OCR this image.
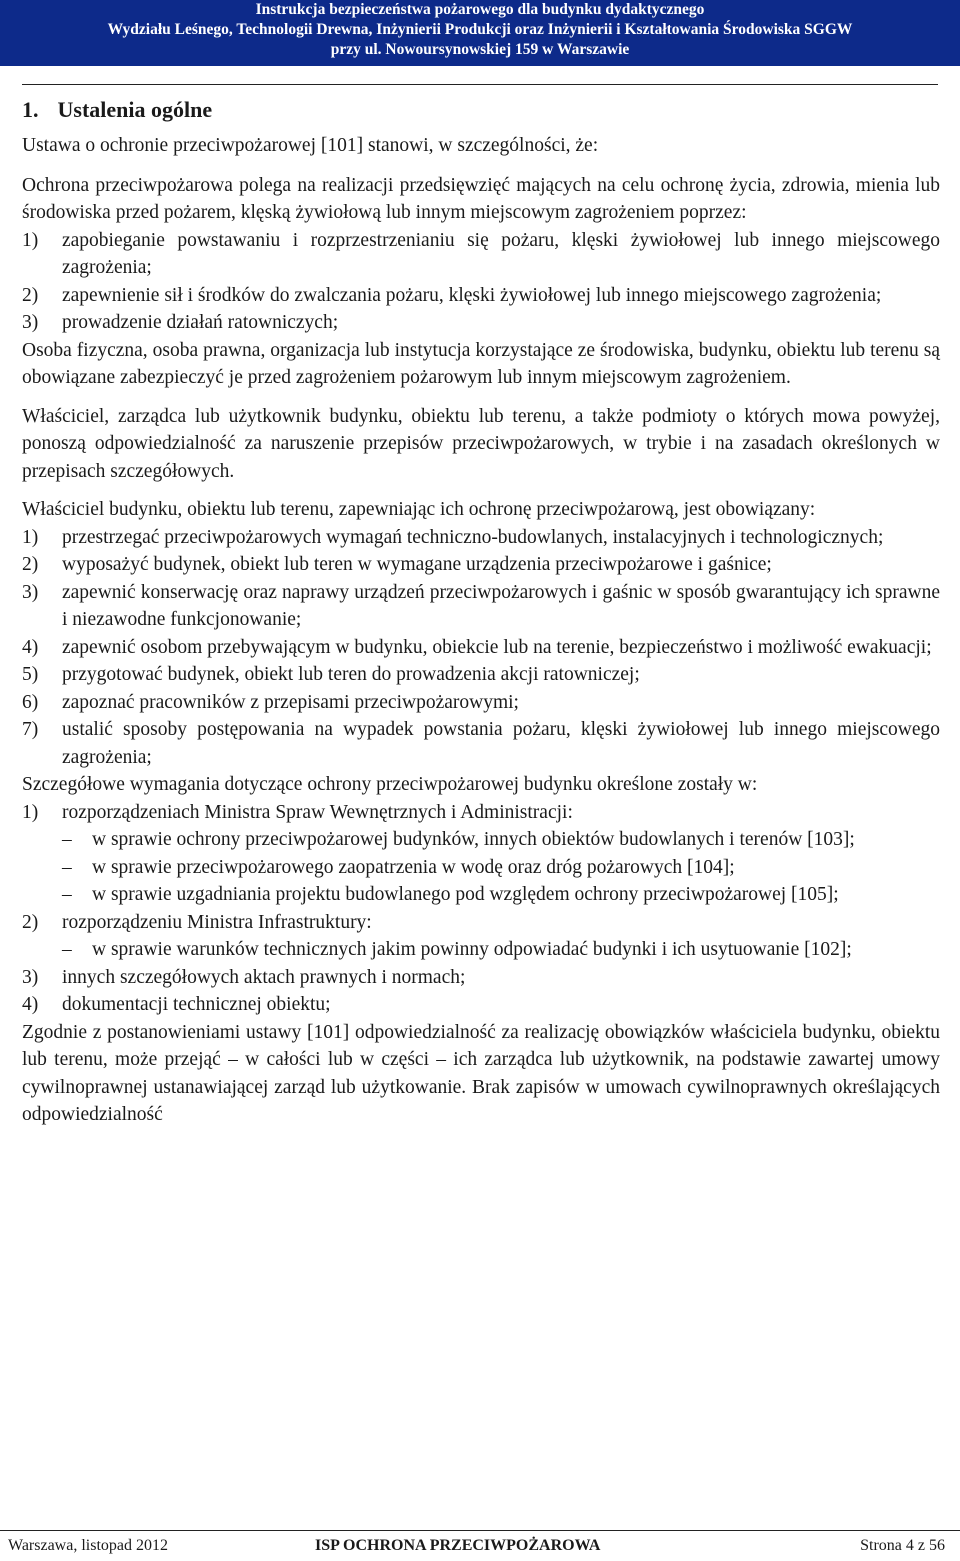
Instrukcja bezpieczeństwa pożarowego dla budynku dydaktycznego
Wydziału Leśnego, Technologii Drewna, Inżynierii Produkcji oraz Inżynierii i Kształtowania Środowiska SGGW
przy ul. Nowoursynowskiej 159 w Warszawie
1. Ustalenia ogólne

Ustawa o ochronie przeciwpożarowej [101] stanowi, w szczególności, że:

Ochrona przeciwpożarowa polega na realizacji przedsięwzięć mających na celu ochronę życia, zdrowia, mienia lub środowiska przed pożarem, klęską żywiołową lub innym miejscowym zagrożeniem poprzez:

1) zapobieganie powstawaniu i rozprzestrzenianiu się pożaru, klęski żywiołowej lub innego miejscowego zagrożenia;
2) zapewnienie sił i środków do zwalczania pożaru, klęski żywiołowej lub innego miejscowego zagrożenia;
3) prowadzenie działań ratowniczych;

Osoba fizyczna, osoba prawna, organizacja lub instytucja korzystające ze środowiska, budynku, obiektu lub terenu są obowiązane zabezpieczyć je przed zagrożeniem pożarowym lub innym miejscowym zagrożeniem.

Właściciel, zarządca lub użytkownik budynku, obiektu lub terenu, a także podmioty o których mowa powyżej, ponoszą odpowiedzialność za naruszenie przepisów przeciwpożarowych, w trybie i na zasadach określonych w przepisach szczegółowych.

Właściciel budynku, obiektu lub terenu, zapewniając ich ochronę przeciwpożarową, jest obowiązany:

1) przestrzegać przeciwpożarowych wymagań techniczno-budowlanych, instalacyjnych i technologicznych;
2) wyposażyć budynek, obiekt lub teren w wymagane urządzenia przeciwpożarowe i gaśnice;
3) zapewnić konserwację oraz naprawy urządzeń przeciwpożarowych i gaśnic w sposób gwarantujący ich sprawne i niezawodne funkcjonowanie;
4) zapewnić osobom przebywającym w budynku, obiekcie lub na terenie, bezpieczeństwo i możliwość ewakuacji;
5) przygotować budynek, obiekt lub teren do prowadzenia akcji ratowniczej;
6) zapoznać pracowników z przepisami przeciwpożarowymi;
7) ustalić sposoby postępowania na wypadek powstania pożaru, klęski żywiołowej lub innego miejscowego zagrożenia;

Szczegółowe wymagania dotyczące ochrony przeciwpożarowej budynku określone zostały w:

1) rozporządzeniach Ministra Spraw Wewnętrznych i Administracji:
– w sprawie ochrony przeciwpożarowej budynków, innych obiektów budowlanych i terenów [103];
– w sprawie przeciwpożarowego zaopatrzenia w wodę oraz dróg pożarowych [104];
– w sprawie uzgadniania projektu budowlanego pod względem ochrony przeciwpożarowej [105];
2) rozporządzeniu Ministra Infrastruktury:
– w sprawie warunków technicznych jakim powinny odpowiadać budynki i ich usytuowanie [102];
3) innych szczegółowych aktach prawnych i normach;
4) dokumentacji technicznej obiektu;

Zgodnie z postanowieniami ustawy [101] odpowiedzialność za realizację obowiązków właściciela budynku, obiektu lub terenu, może przejąć – w całości lub w części – ich zarządca lub użytkownik, na podstawie zawartej umowy cywilnoprawnej ustanawiającej zarząd lub użytkowanie. Brak zapisów w umowach cywilnoprawnych określających odpowiedzialność

Warszawa, listopad 2012	ISP OCHRONA PRZECIWPOŻAROWA	Strona 4 z 56
